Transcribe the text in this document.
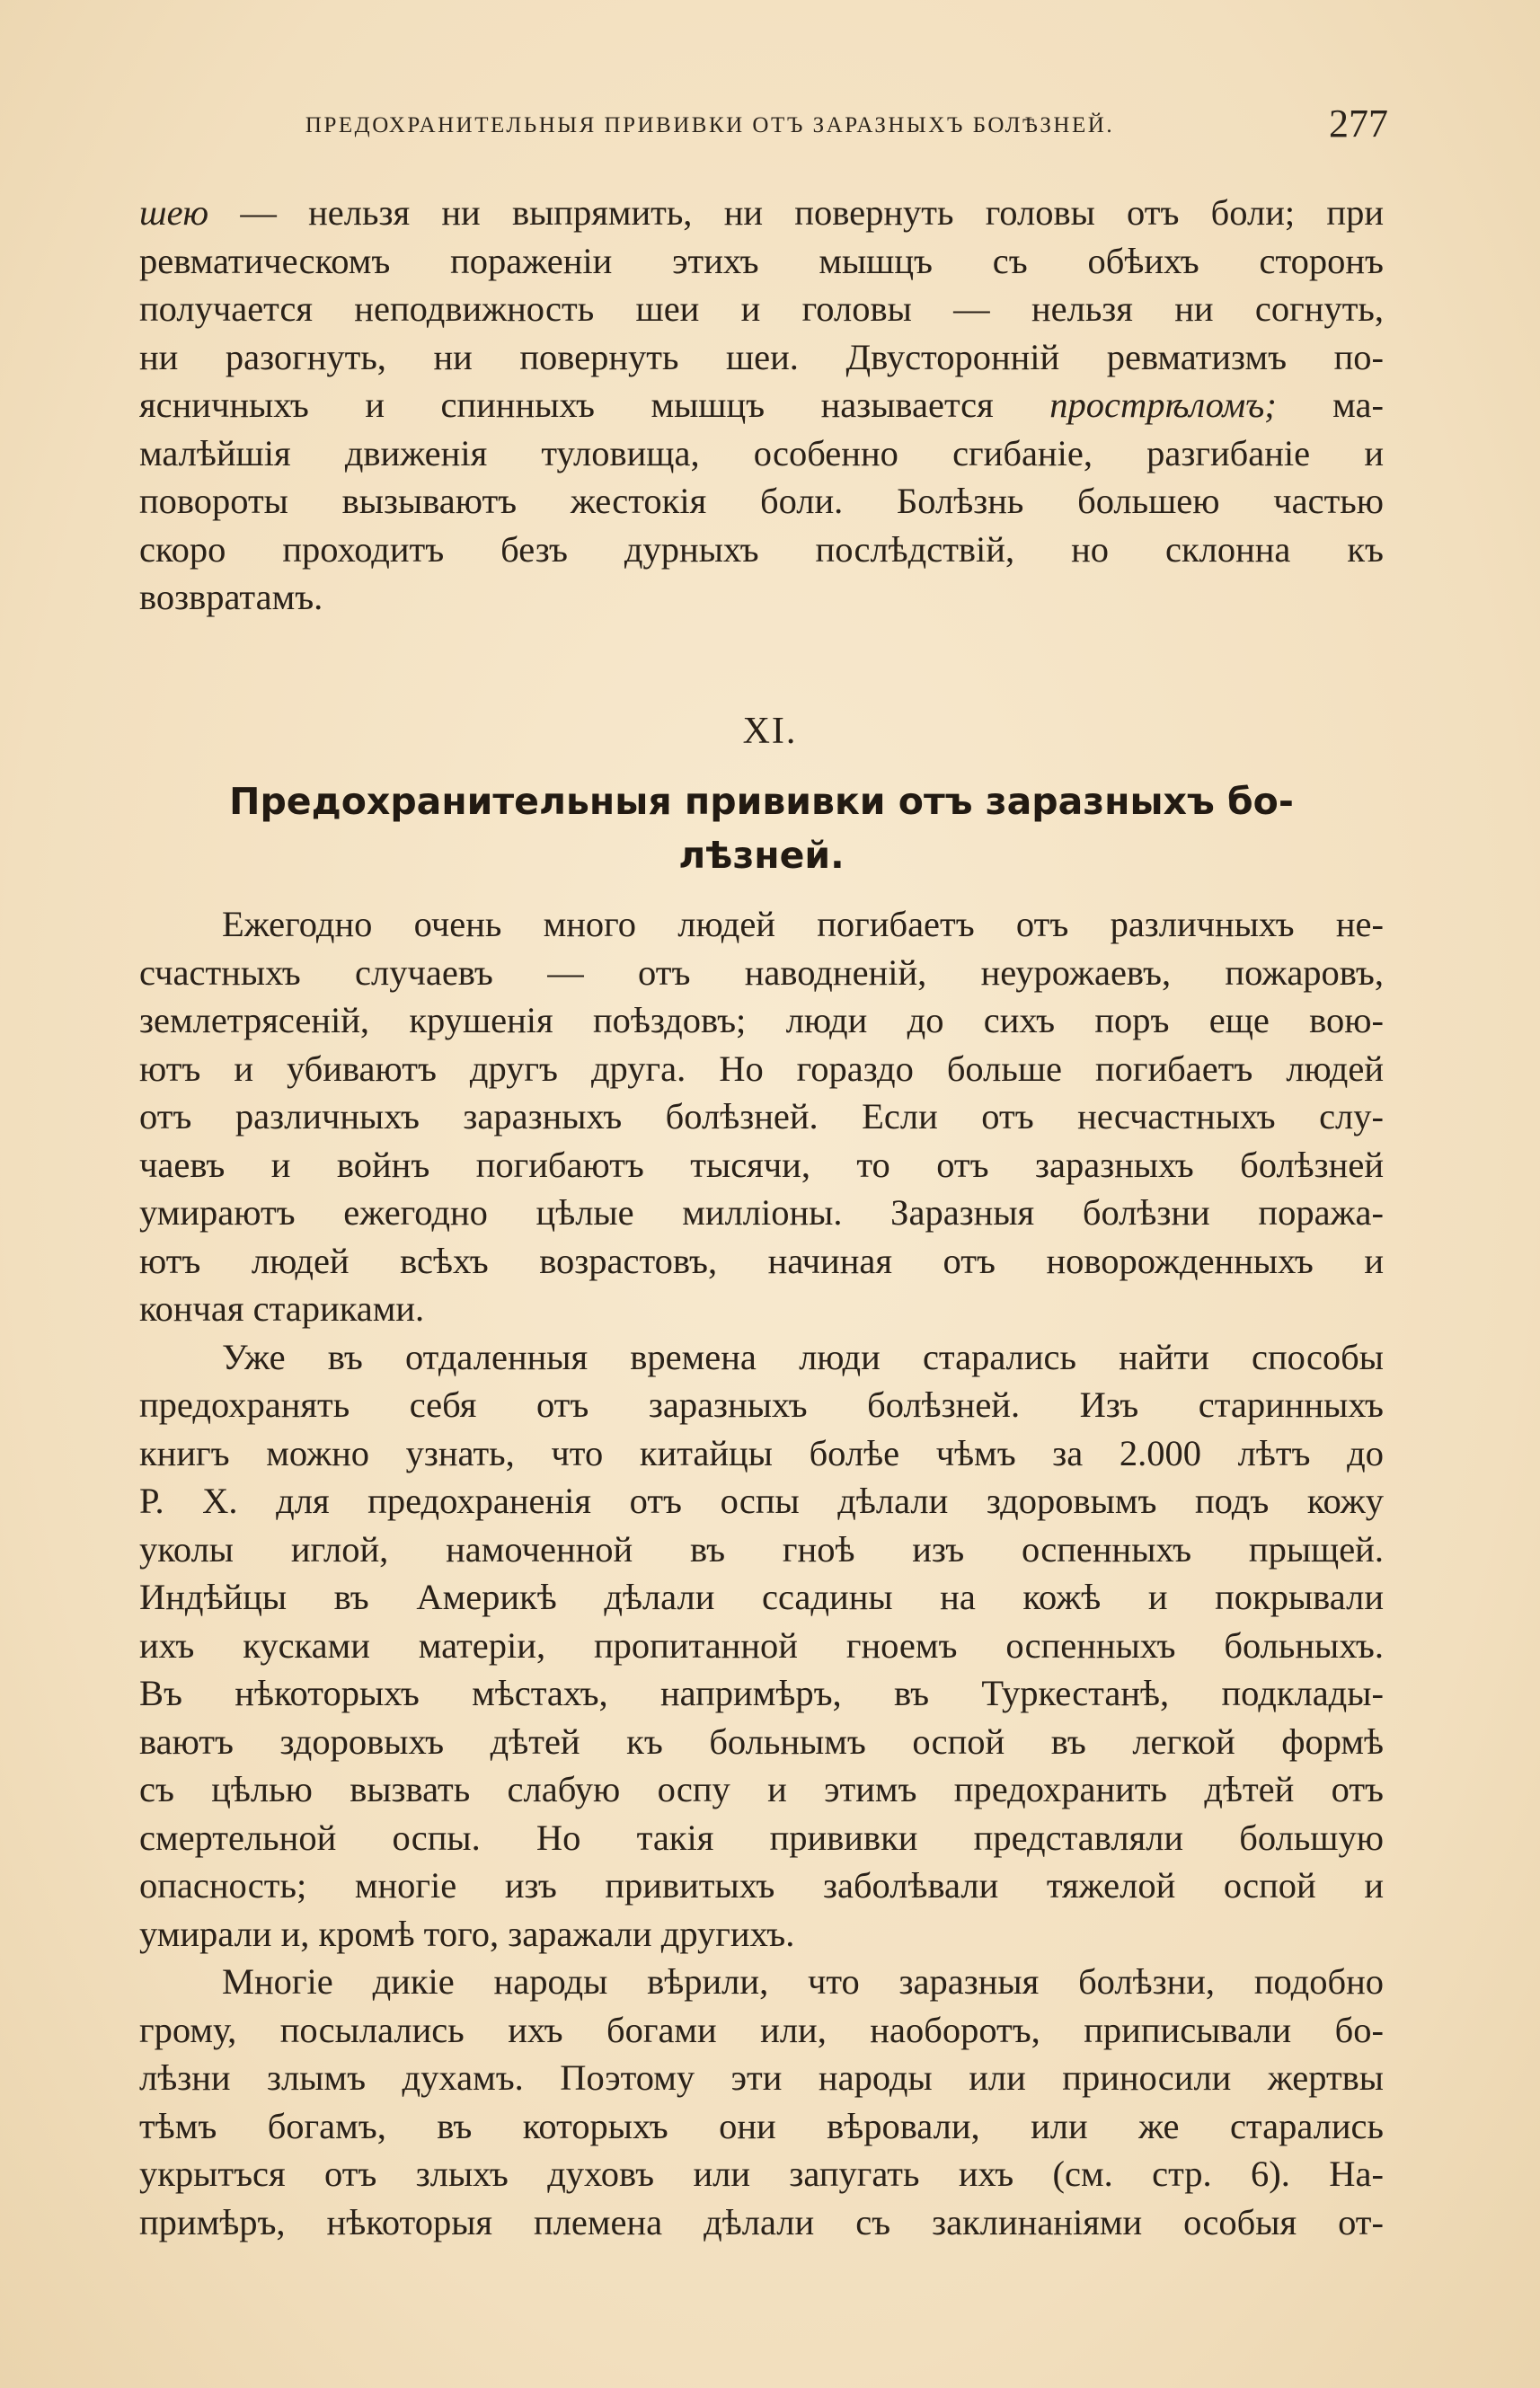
ПРЕДОХРАНИТЕЛЬНЫЯ ПРИВИВКИ ОТЪ ЗАРАЗНЫХЪ БОЛѢЗНЕЙ.	277
шею — нельзя ни выпрямить, ни повернуть головы отъ боли; при
ревматическомъ пораженіи этихъ мышцъ съ обѣихъ сторонъ
получается неподвижность шеи и головы — нельзя ни согнуть,
ни разогнуть, ни повернуть шеи. Двусторонній ревматизмъ по-
ясничныхъ и спинныхъ мышцъ называется прострѣломъ; ма-
малѣйшія движенія туловища, особенно сгибаніе, разгибаніе и
повороты вызываютъ жестокія боли. Болѣзнь большею частью
скоро проходитъ безъ дурныхъ послѣдствій, но склонна къ
возвратамъ.
XI.
Предохранительныя прививки отъ заразныхъ бо-
лѣзней.
Ежегодно очень много людей погибаетъ отъ различныхъ не-
счастныхъ случаевъ — отъ наводненій, неурожаевъ, пожаровъ,
землетрясеній, крушенія поѣздовъ; люди до сихъ поръ еще вою-
ютъ и убиваютъ другъ друга. Но гораздо больше погибаетъ людей
отъ различныхъ заразныхъ болѣзней. Если отъ несчастныхъ слу-
чаевъ и войнъ погибаютъ тысячи, то отъ заразныхъ болѣзней
умираютъ ежегодно цѣлые милліоны. Заразныя болѣзни поража-
ютъ людей всѣхъ возрастовъ, начиная отъ новорожденныхъ и
кончая стариками.
Уже въ отдаленныя времена люди старались найти способы
предохранять себя отъ заразныхъ болѣзней. Изъ старинныхъ
книгъ можно узнать, что китайцы болѣе чѣмъ за 2.000 лѣтъ до
Р. Х. для предохраненія отъ оспы дѣлали здоровымъ подъ кожу
уколы иглой, намоченной въ гноѣ изъ оспенныхъ прыщей.
Индѣйцы въ Америкѣ дѣлали ссадины на кожѣ и покрывали
ихъ кусками матеріи, пропитанной гноемъ оспенныхъ больныхъ.
Въ нѣкоторыхъ мѣстахъ, напримѣръ, въ Туркестанѣ, подклады-
ваютъ здоровыхъ дѣтей къ больнымъ оспой въ легкой формѣ
съ цѣлью вызвать слабую оспу и этимъ предохранить дѣтей отъ
смертельной оспы. Но такія прививки представляли большую
опасность; многіе изъ привитыхъ заболѣвали тяжелой оспой и
умирали и, кромѣ того, заражали другихъ.
Многіе дикіе народы вѣрили, что заразныя болѣзни, подобно
грому, посылались ихъ богами или, наоборотъ, приписывали бо-
лѣзни злымъ духамъ. Поэтому эти народы или приносили жертвы
тѣмъ богамъ, въ которыхъ они вѣровали, или же старались
укрытъся отъ злыхъ духовъ или запугать ихъ (см. стр. 6). На-
примѣръ, нѣкоторыя племена дѣлали съ заклинаніями особыя от-
